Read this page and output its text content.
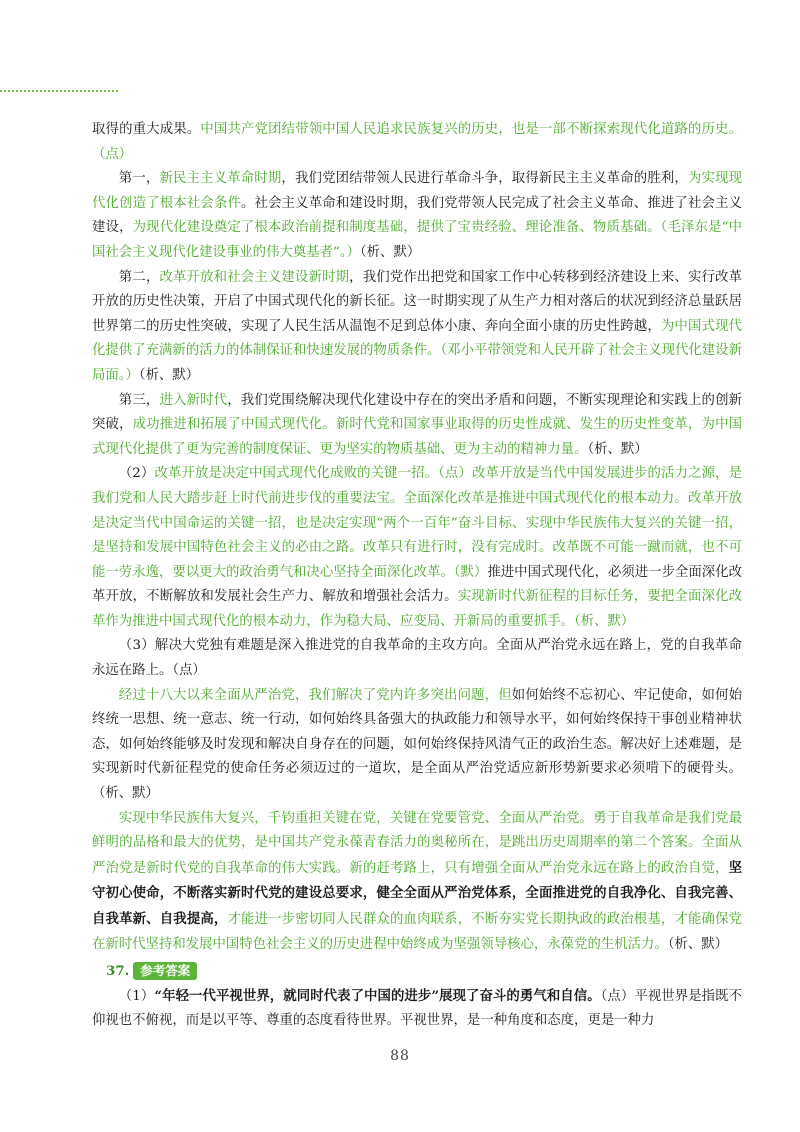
取得的重大成果。中国共产党团结带领中国人民追求民族复兴的历史，也是一部不断探索现代化道路的历史。（点）

第一，新民主主义革命时期，我们党团结带领人民进行革命斗争，取得新民主主义革命的胜利，为实现现代化创造了根本社会条件。社会主义革命和建设时期，我们党带领人民完成了社会主义革命、推进了社会主义建设，为现代化建设奠定了根本政治前提和制度基础，提供了宝贵经验、理论准备、物质基础。（毛泽东是“中国社会主义现代化建设事业的伟大奠基者”。）（析、默）

第二，改革开放和社会主义建设新时期，我们党作出把党和国家工作中心转移到经济建设上来、实行改革开放的历史性决策，开启了中国式现代化的新长征。这一时期实现了从生产力相对落后的状况到经济总量跃居世界第二的历史性突破，实现了人民生活从温饱不足到总体小康、奔向全面小康的历史性跨越，为中国式现代化提供了充满新的活力的体制保证和快速发展的物质条件。（邓小平带领党和人民开辟了社会主义现代化建设新局面。）（析、默）

第三，进入新时代，我们党围绕解决现代化建设中存在的突出矛盾和问题，不断实现理论和实践上的创新突破，成功推进和拓展了中国式现代化。新时代党和国家事业取得的历史性成就、发生的历史性变革，为中国式现代化提供了更为完善的制度保证、更为坚实的物质基础、更为主动的精神力量。（析、默）

（2）改革开放是决定中国式现代化成败的关键一招。（点）改革开放是当代中国发展进步的活力之源，是我们党和人民大踏步赶上时代前进步伐的重要法宝。全面深化改革是推进中国式现代化的根本动力。改革开放是决定当代中国命运的关键一招，也是决定实现“两个一百年”奋斗目标、实现中华民族伟大复兴的关键一招，是坚持和发展中国特色社会主义的必由之路。改革只有进行时，没有完成时。改革既不可能一蹴而就，也不可能一劳永逸，要以更大的政治勇气和决心坚持全面深化改革。（默）推进中国式现代化，必须进一步全面深化改革开放，不断解放和发展社会生产力、解放和增强社会活力。实现新时代新征程的目标任务，要把全面深化改革作为推进中国式现代化的根本动力，作为稳大局、应变局、开新局的重要抓手。（析、默）

（3）解决大党独有难题是深入推进党的自我革命的主攻方向。全面从严治党永远在路上，党的自我革命永远在路上。（点）

经过十八大以来全面从严治党，我们解决了党内许多突出问题，但如何始终不忘初心、牢记使命，如何始终统一思想、统一意志、统一行动，如何始终具备强大的执政能力和领导水平，如何始终保持干事创业精神状态，如何始终能够及时发现和解决自身存在的问题，如何始终保持风清气正的政治生态。解决好上述难题，是实现新时代新征程党的使命任务必须迈过的一道坎，是全面从严治党适应新形势新要求必须啃下的硬骨头。（析、默）

实现中华民族伟大复兴，千钧重担关键在党，关键在党要管党、全面从严治党。勇于自我革命是我们党最鲜明的品格和最大的优势，是中国共产党永葆青春活力的奥秘所在，是跳出历史周期率的第二个答案。全面从严治党是新时代党的自我革命的伟大实践。新的赶考路上，只有增强全面从严治党永远在路上的政治自觉，坚守初心使命，不断落实新时代党的建设总要求，健全全面从严治党体系，全面推进党的自我净化、自我完善、自我革新、自我提高，才能进一步密切同人民群众的血肉联系，不断夯实党长期执政的政治根基，才能确保党在新时代坚持和发展中国特色社会主义的历史进程中始终成为坚强领导核心，永葆党的生机活力。（析、默）

37. 参考答案

（1）“年轻一代平视世界，就同时代表了中国的进步”展现了奋斗的勇气和自信。（点）平视世界是指既不仰视也不俯视，而是以平等、尊重的态度看待世界。平视世界，是一种角度和态度，更是一种力

88
